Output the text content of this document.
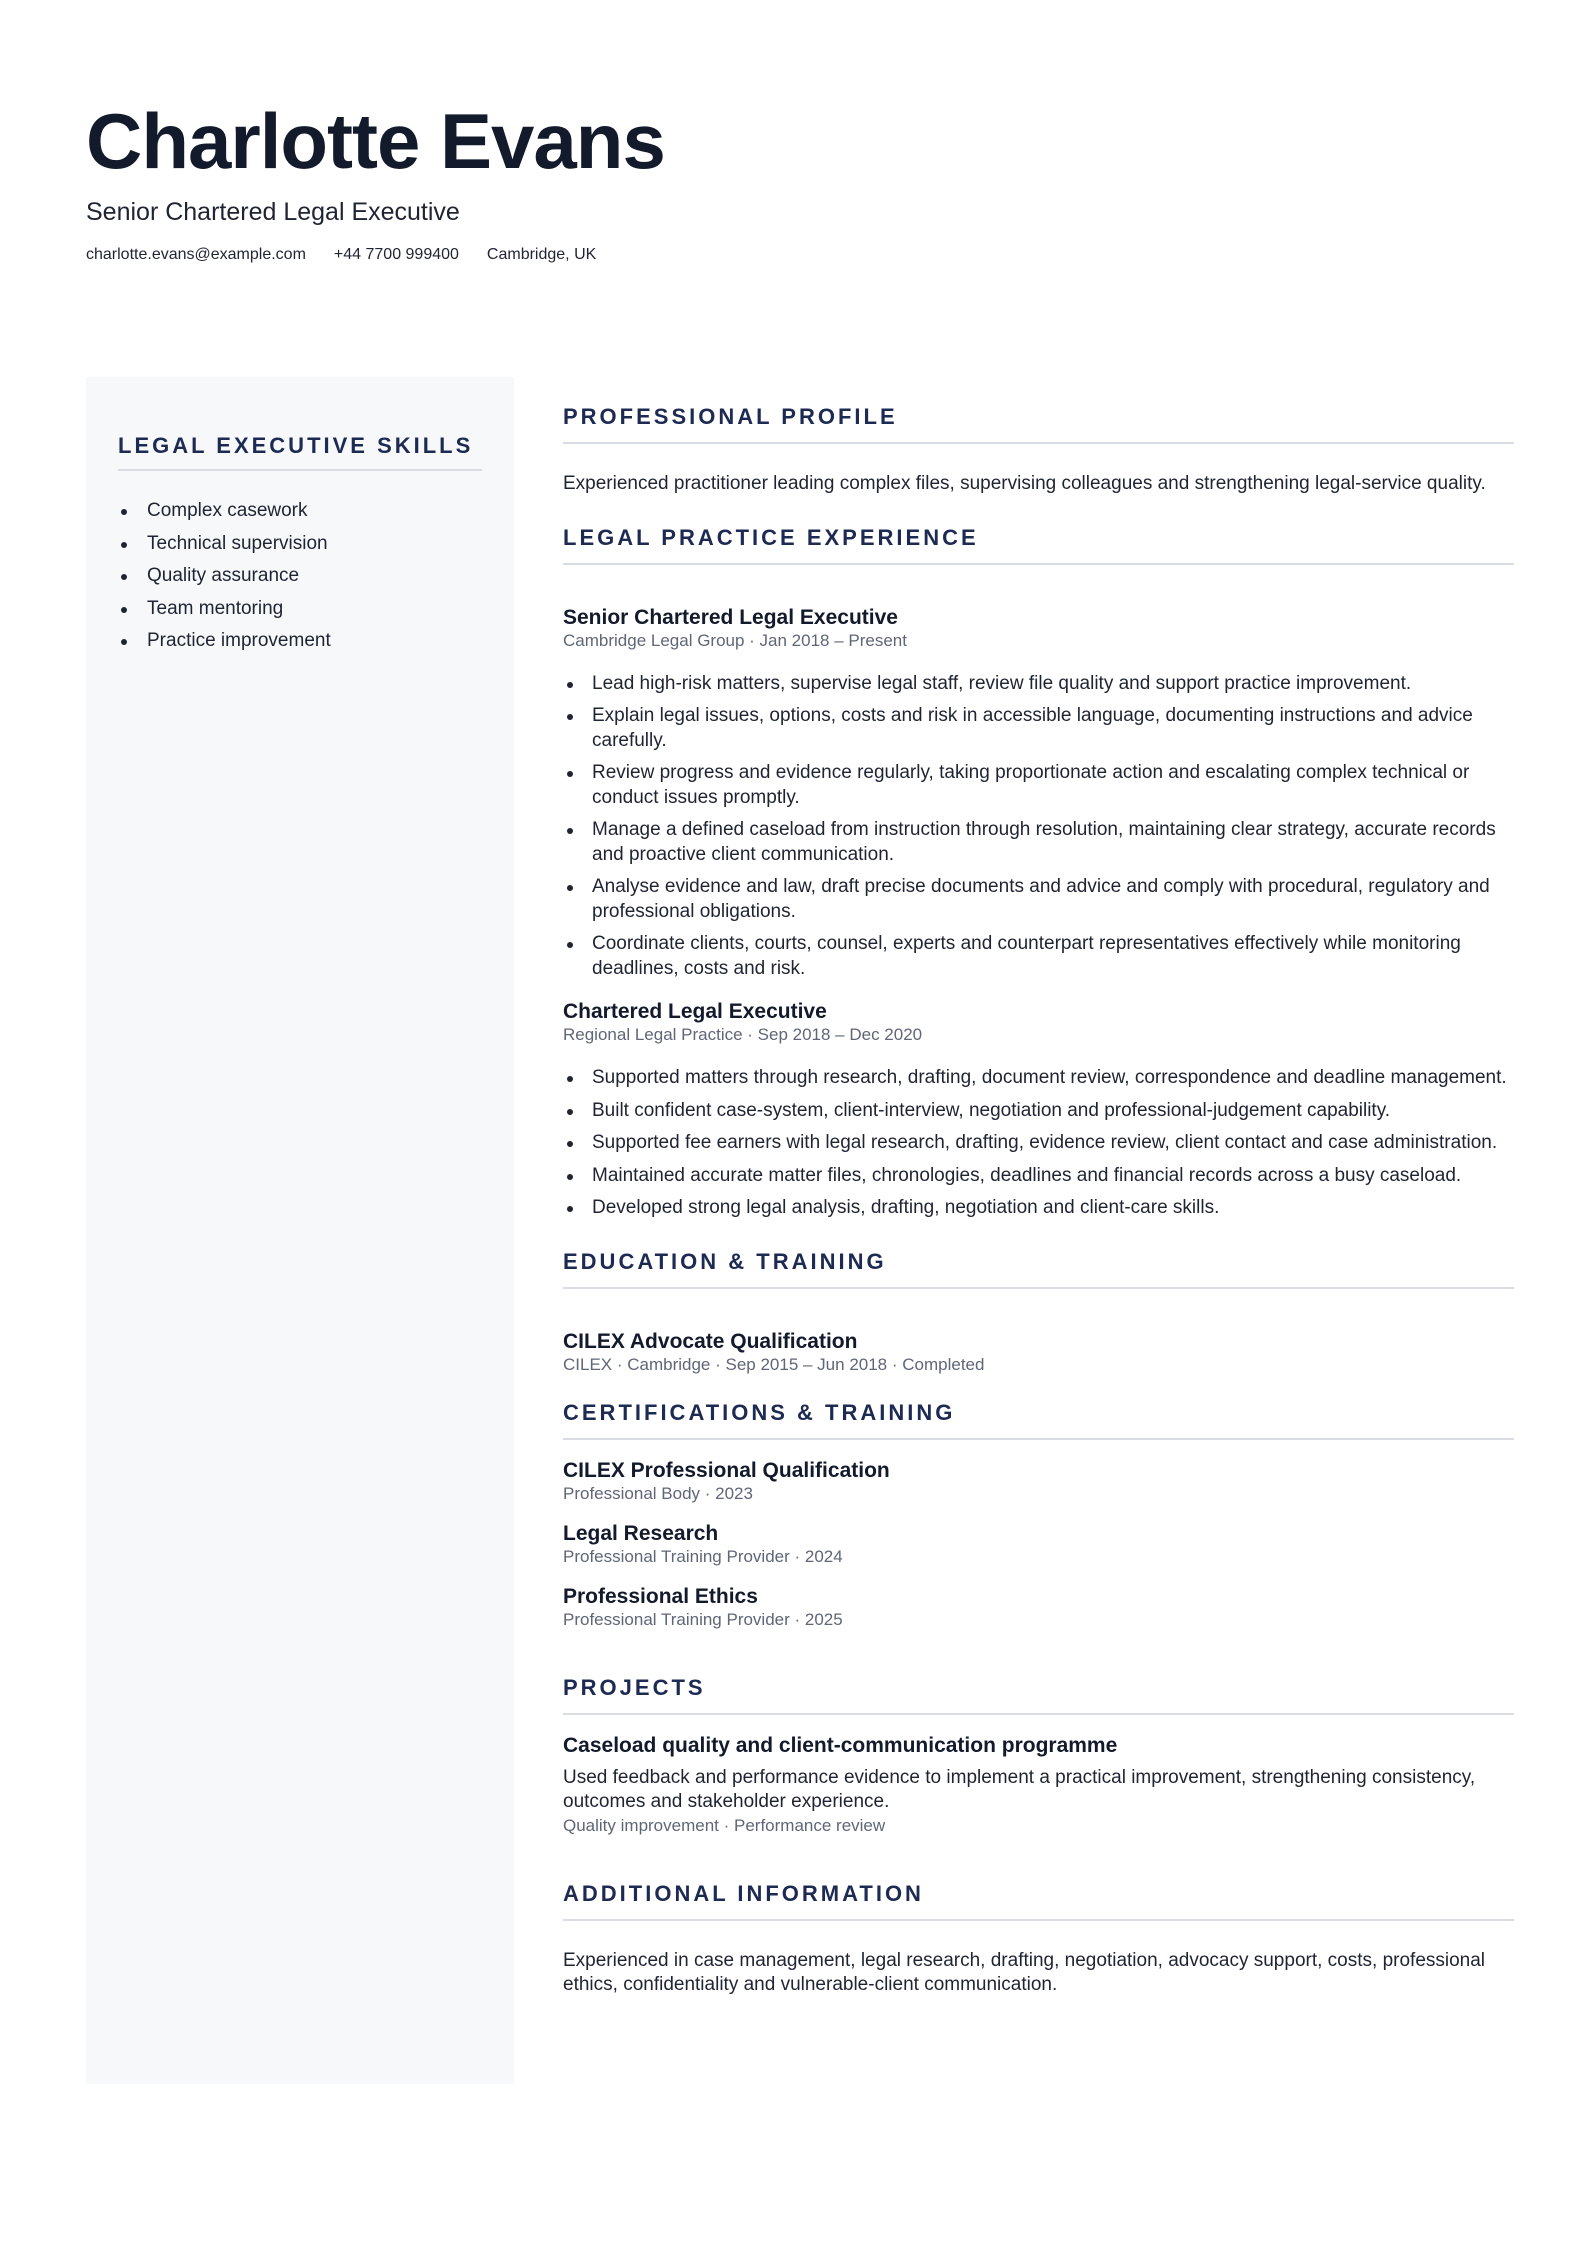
Charlotte Evans
Senior Chartered Legal Executive
charlotte.evans@example.com +44 7700 999400 Cambridge, UK
LEGAL EXECUTIVE SKILLS
Complex casework
Technical supervision
Quality assurance
Team mentoring
Practice improvement
PROFESSIONAL PROFILE

Experienced practitioner leading complex files, supervising colleagues and strengthening legal-service quality.

LEGAL PRACTICE EXPERIENCE
Senior Chartered Legal Executive
Cambridge Legal Group · Jan 2018 – Present
Lead high-risk matters, supervise legal staff, review file quality and support practice improvement.
Explain legal issues, options, costs and risk in accessible language, documenting instructions and advice carefully.
Review progress and evidence regularly, taking proportionate action and escalating complex technical or conduct issues promptly.
Manage a defined caseload from instruction through resolution, maintaining clear strategy, accurate records and proactive client communication.
Analyse evidence and law, draft precise documents and advice and comply with procedural, regulatory and professional obligations.
Coordinate clients, courts, counsel, experts and counterpart representatives effectively while monitoring deadlines, costs and risk.
Chartered Legal Executive
Regional Legal Practice · Sep 2018 – Dec 2020
Supported matters through research, drafting, document review, correspondence and deadline management.
Built confident case-system, client-interview, negotiation and professional-judgement capability.
Supported fee earners with legal research, drafting, evidence review, client contact and case administration.
Maintained accurate matter files, chronologies, deadlines and financial records across a busy caseload.
Developed strong legal analysis, drafting, negotiation and client-care skills.
EDUCATION & TRAINING
CILEX Advocate Qualification
CILEX · Cambridge · Sep 2015 – Jun 2018 · Completed
CERTIFICATIONS & TRAINING
CILEX Professional Qualification
Professional Body · 2023
Legal Research
Professional Training Provider · 2024
Professional Ethics
Professional Training Provider · 2025
PROJECTS
Caseload quality and client-communication programme

Used feedback and performance evidence to implement a practical improvement, strengthening consistency, outcomes and stakeholder experience.

Quality improvement · Performance review
ADDITIONAL INFORMATION

Experienced in case management, legal research, drafting, negotiation, advocacy support, costs, professional ethics, confidentiality and vulnerable-client communication.
